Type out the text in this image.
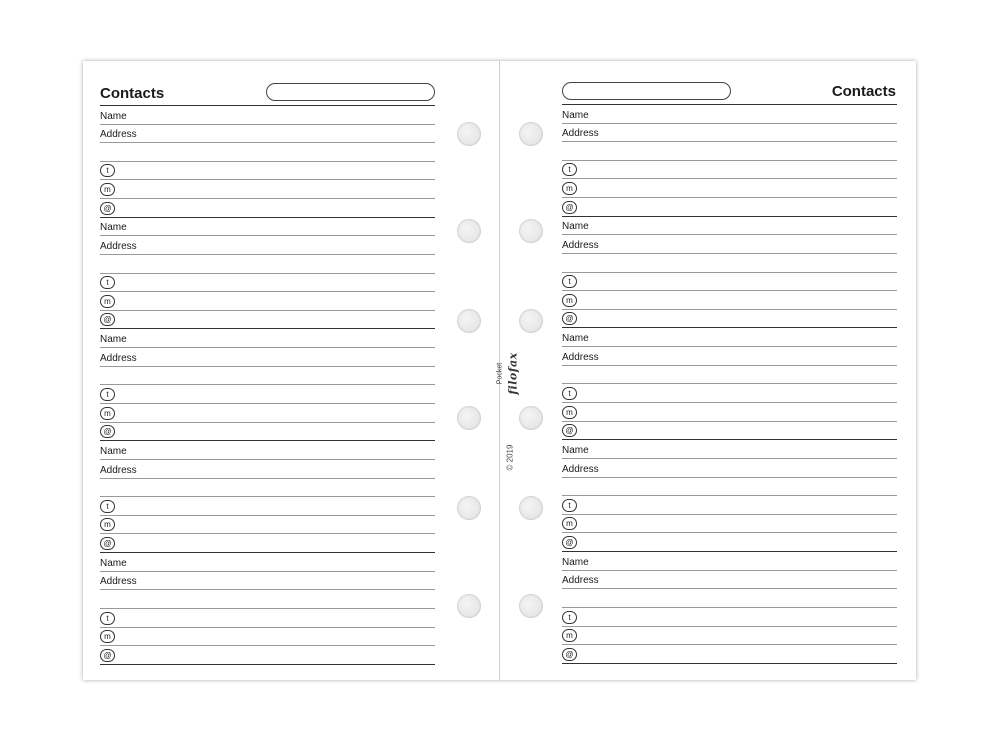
Contacts
Name
Address
t
m
@
Name
Address
t
m
@
Name
Address
t
m
@
Name
Address
t
m
@
Name
Address
t
m
@
Contacts
Name
Address
t
m
@
Name
Address
t
m
@
Name
Address
t
m
@
Name
Address
t
m
@
Name
Address
t
m
@
Pocket filofax
© 2019
